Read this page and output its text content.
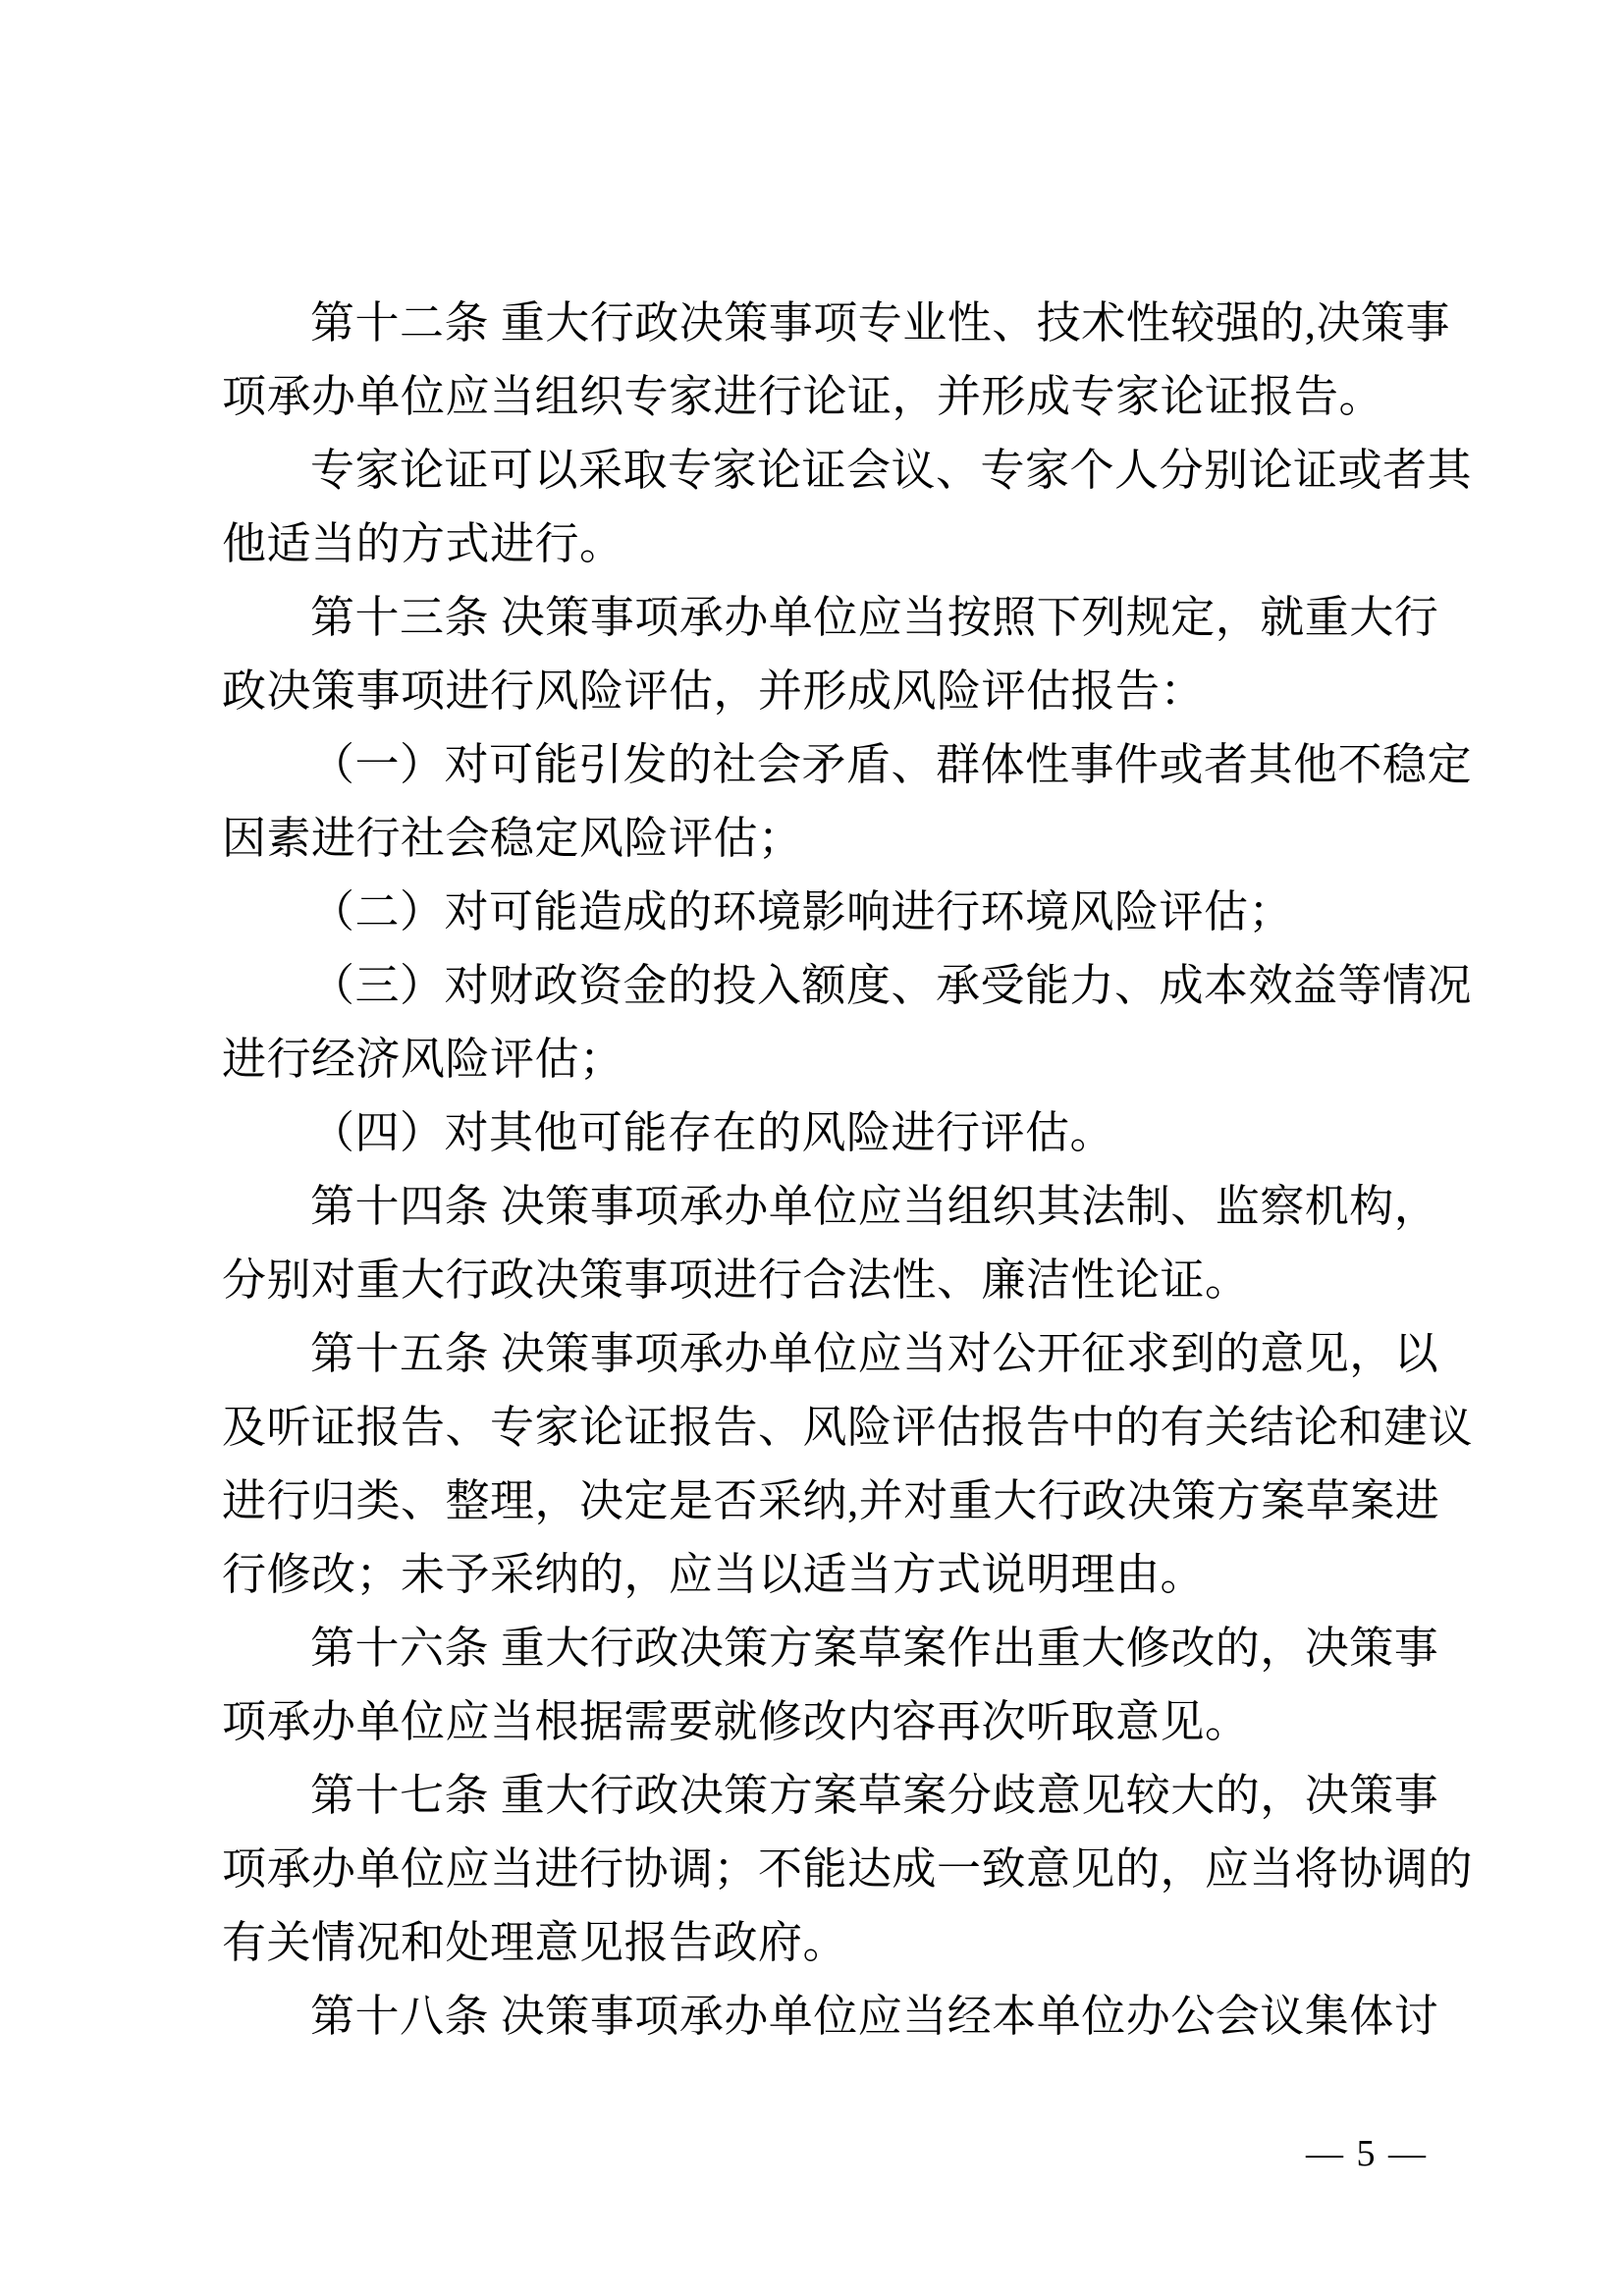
第十二条 重大行政决策事项专业性、技术性较强的,决策事
项承办单位应当组织专家进行论证，并形成专家论证报告。
专家论证可以采取专家论证会议、专家个人分别论证或者其
他适当的方式进行。
第十三条 决策事项承办单位应当按照下列规定，就重大行
政决策事项进行风险评估，并形成风险评估报告：
（一）对可能引发的社会矛盾、群体性事件或者其他不稳定
因素进行社会稳定风险评估；
（二）对可能造成的环境影响进行环境风险评估；
（三）对财政资金的投入额度、承受能力、成本效益等情况
进行经济风险评估；
（四）对其他可能存在的风险进行评估。
第十四条 决策事项承办单位应当组织其法制、监察机构，
分别对重大行政决策事项进行合法性、廉洁性论证。
第十五条 决策事项承办单位应当对公开征求到的意见，以
及听证报告、专家论证报告、风险评估报告中的有关结论和建议
进行归类、整理，决定是否采纳,并对重大行政决策方案草案进
行修改；未予采纳的，应当以适当方式说明理由。
第十六条 重大行政决策方案草案作出重大修改的，决策事
项承办单位应当根据需要就修改内容再次听取意见。
第十七条 重大行政决策方案草案分歧意见较大的，决策事
项承办单位应当进行协调；不能达成一致意见的，应当将协调的
有关情况和处理意见报告政府。
第十八条 决策事项承办单位应当经本单位办公会议集体讨
— 5 —
